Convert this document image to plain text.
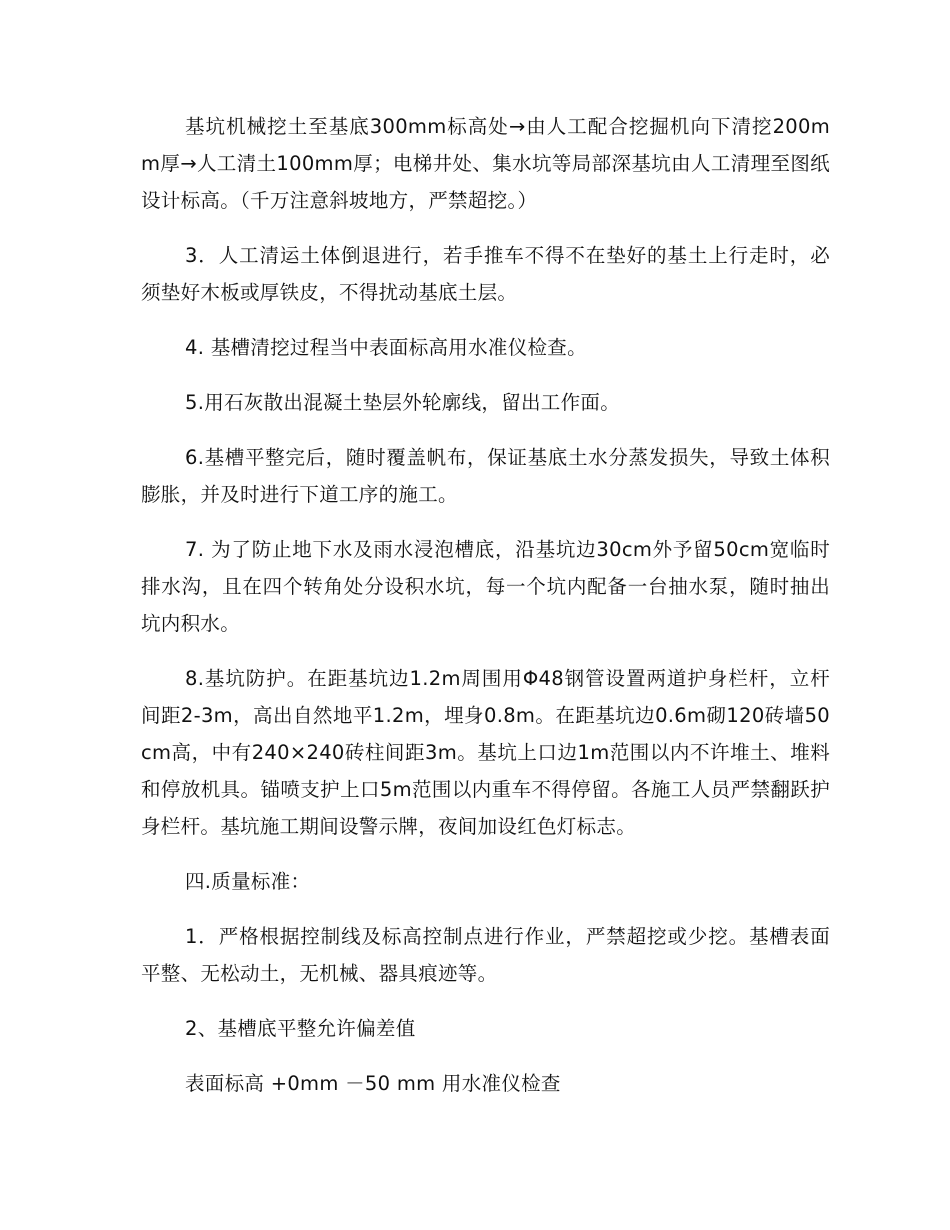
基坑机械挖土至基底300mm标高处→由人工配合挖掘机向下清挖200mm厚→人工清土100mm厚；电梯井处、集水坑等局部深基坑由人工清理至图纸设计标高。（千万注意斜坡地方，严禁超挖。）

3．人工清运土体倒退进行，若手推车不得不在垫好的基土上行走时，必须垫好木板或厚铁皮，不得扰动基底土层。

4. 基槽清挖过程当中表面标高用水准仪检查。

5.用石灰散出混凝土垫层外轮廓线，留出工作面。

6.基槽平整完后，随时覆盖帆布，保证基底土水分蒸发损失，导致土体积膨胀，并及时进行下道工序的施工。

7. 为了防止地下水及雨水浸泡槽底，沿基坑边30cm外予留50cm宽临时排水沟，且在四个转角处分设积水坑，每一个坑内配备一台抽水泵，随时抽出坑内积水。

8.基坑防护。在距基坑边1.2m周围用Φ48钢管设置两道护身栏杆，立杆间距2-3m，高出自然地平1.2m，埋身0.8m。在距基坑边0.6m砌120砖墙50cm高，中有240×240砖柱间距3m。基坑上口边1m范围以内不许堆土、堆料和停放机具。锚喷支护上口5m范围以内重车不得停留。各施工人员严禁翻跃护身栏杆。基坑施工期间设警示牌，夜间加设红色灯标志。

四.质量标准：

1．严格根据控制线及标高控制点进行作业，严禁超挖或少挖。基槽表面平整、无松动土，无机械、器具痕迹等。

2、基槽底平整允许偏差值

表面标高 +0mm －50 mm 用水准仪检查
